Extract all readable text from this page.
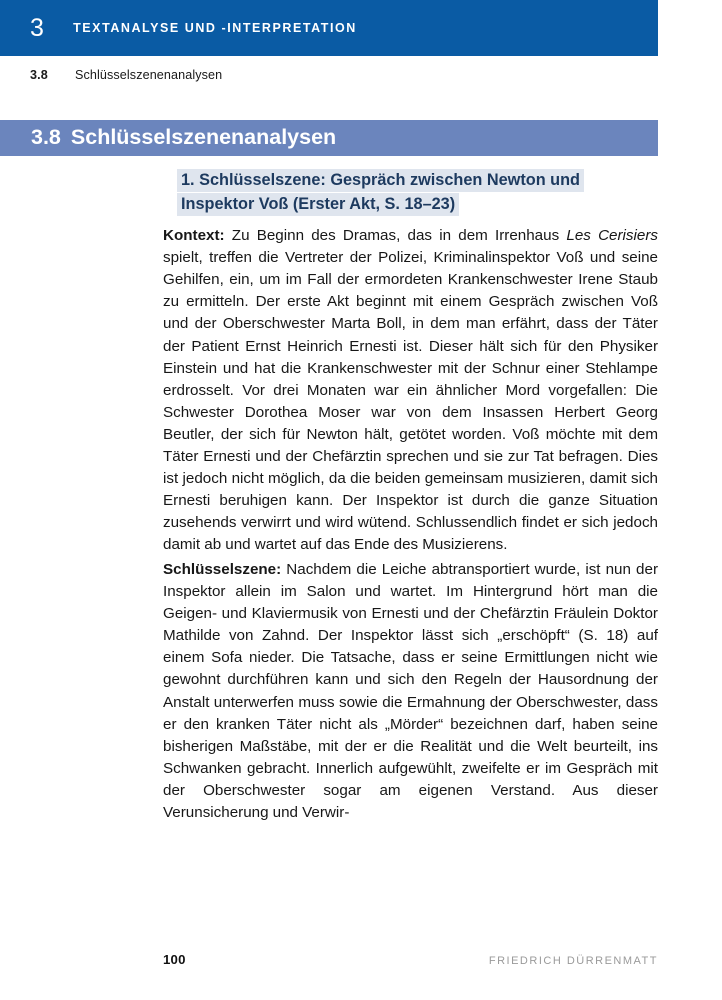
3 TEXTANALYSE UND -INTERPRETATION
3.8	Schlüsselszenenanalysen
3.8 Schlüsselszenenanalysen
1. Schlüsselszene: Gespräch zwischen Newton und
Inspektor Voß (Erster Akt, S. 18–23)

Kontext: Zu Beginn des Dramas, das in dem Irrenhaus Les Cerisiers spielt, treffen die Vertreter der Polizei, Kriminalinspektor Voß und seine Gehilfen, ein, um im Fall der ermordeten Krankenschwester Irene Staub zu ermitteln. Der erste Akt beginnt mit einem Gespräch zwischen Voß und der Oberschwester Marta Boll, in dem man erfährt, dass der Täter der Patient Ernst Heinrich Ernesti ist. Dieser hält sich für den Physiker Einstein und hat die Krankenschwester mit der Schnur einer Stehlampe erdrosselt. Vor drei Monaten war ein ähnlicher Mord vorgefallen: Die Schwester Dorothea Moser war von dem Insassen Herbert Georg Beutler, der sich für Newton hält, getötet worden. Voß möchte mit dem Täter Ernesti und der Chefärztin sprechen und sie zur Tat befragen. Dies ist jedoch nicht möglich, da die beiden gemeinsam musizieren, damit sich Ernesti beruhigen kann. Der Inspektor ist durch die ganze Situation zusehends verwirrt und wird wütend. Schlussendlich findet er sich jedoch damit ab und wartet auf das Ende des Musizierens.

Schlüsselszene: Nachdem die Leiche abtransportiert wurde, ist nun der Inspektor allein im Salon und wartet. Im Hintergrund hört man die Geigen- und Klaviermusik von Ernesti und der Chefärztin Fräulein Doktor Mathilde von Zahnd. Der Inspektor lässt sich „erschöpft“ (S. 18) auf einem Sofa nieder. Die Tatsache, dass er seine Ermittlungen nicht wie gewohnt durchführen kann und sich den Regeln der Hausordnung der Anstalt unterwerfen muss sowie die Ermahnung der Oberschwester, dass er den kranken Täter nicht als „Mörder“ bezeichnen darf, haben seine bisherigen Maßstäbe, mit der er die Realität und die Welt beurteilt, ins Schwanken gebracht. Innerlich aufgewühlt, zweifelte er im Gespräch mit der Oberschwester sogar am eigenen Verstand. Aus dieser Verunsicherung und Verwir-

100	FRIEDRICH DÜRRENMATT
